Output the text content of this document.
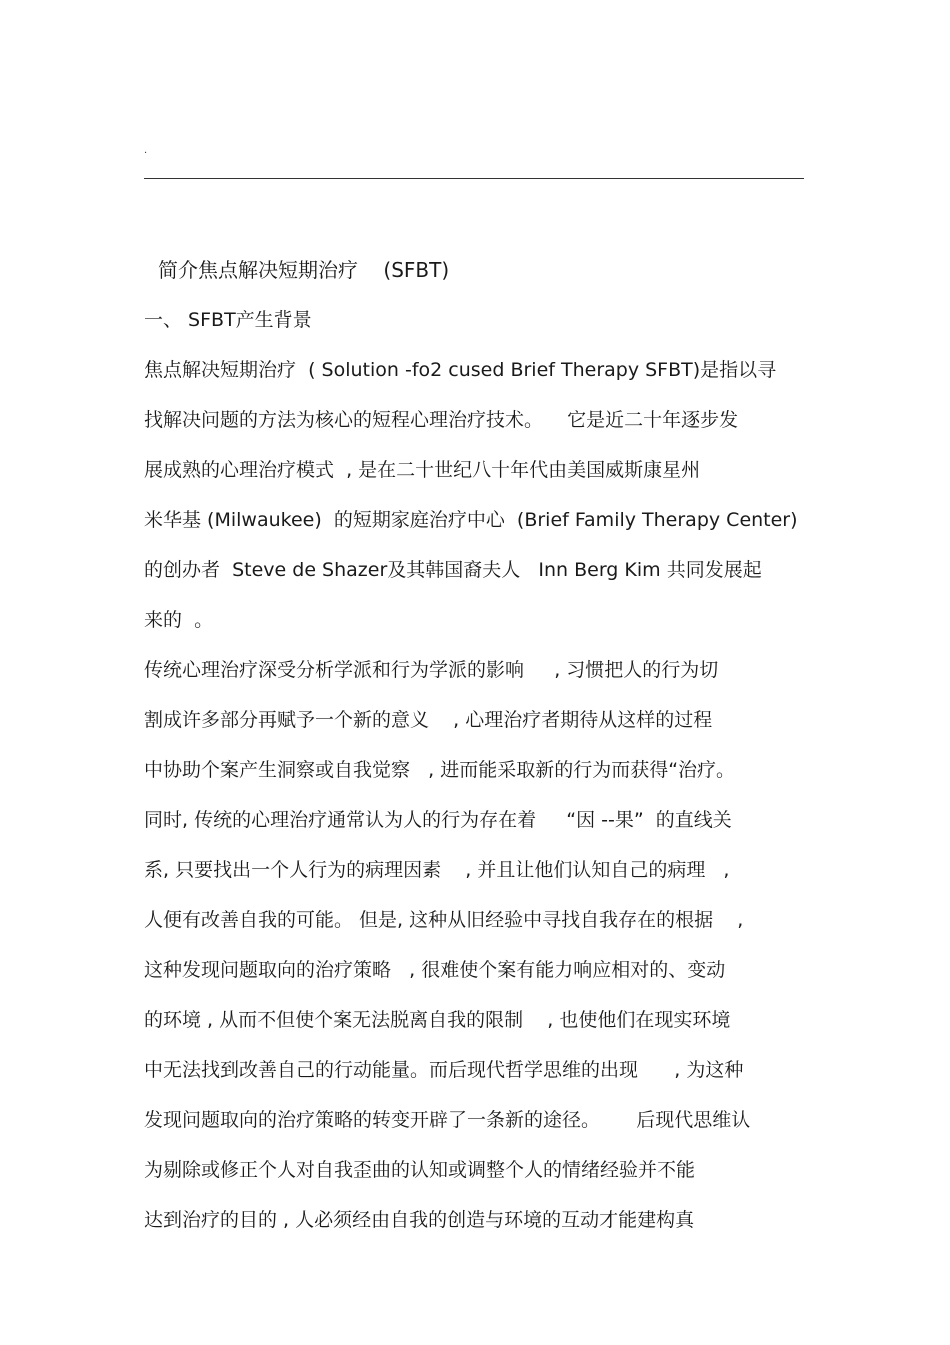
.
简介焦点解决短期治疗    (SFBT)
一、 SFBT产生背景
焦点解决短期治疗  ( Solution -fo2 cused Brief Therapy SFBT)是指以寻
找解决问题的方法为核心的短程心理治疗技术。    它是近二十年逐步发
展成熟的心理治疗模式  , 是在二十世纪八十年代由美国威斯康星州
米华基 (Milwaukee)  的短期家庭治疗中心  (Brief Family Therapy Center)
的创办者  Steve de Shazer及其韩国裔夫人   Inn Berg Kim 共同发展起
来的  。
传统心理治疗深受分析学派和行为学派的影响     , 习惯把人的行为切
割成许多部分再赋予一个新的意义    , 心理治疗者期待从这样的过程
中协助个案产生洞察或自我觉察   , 进而能采取新的行为而获得“治疗。
同时, 传统的心理治疗通常认为人的行为存在着     “因 --果”  的直线关
系, 只要找出一个人行为的病理因素    , 并且让他们认知自己的病理   ,
人便有改善自我的可能。 但是, 这种从旧经验中寻找自我存在的根据    ,
这种发现问题取向的治疗策略   , 很难使个案有能力响应相对的、变动
的环境 , 从而不但使个案无法脱离自我的限制    , 也使他们在现实环境
中无法找到改善自己的行动能量。而后现代哲学思维的出现      , 为这种
发现问题取向的治疗策略的转变开辟了一条新的途径。      后现代思维认
为剔除或修正个人对自我歪曲的认知或调整个人的情绪经验并不能
达到治疗的目的 , 人必须经由自我的创造与环境的互动才能建构真
